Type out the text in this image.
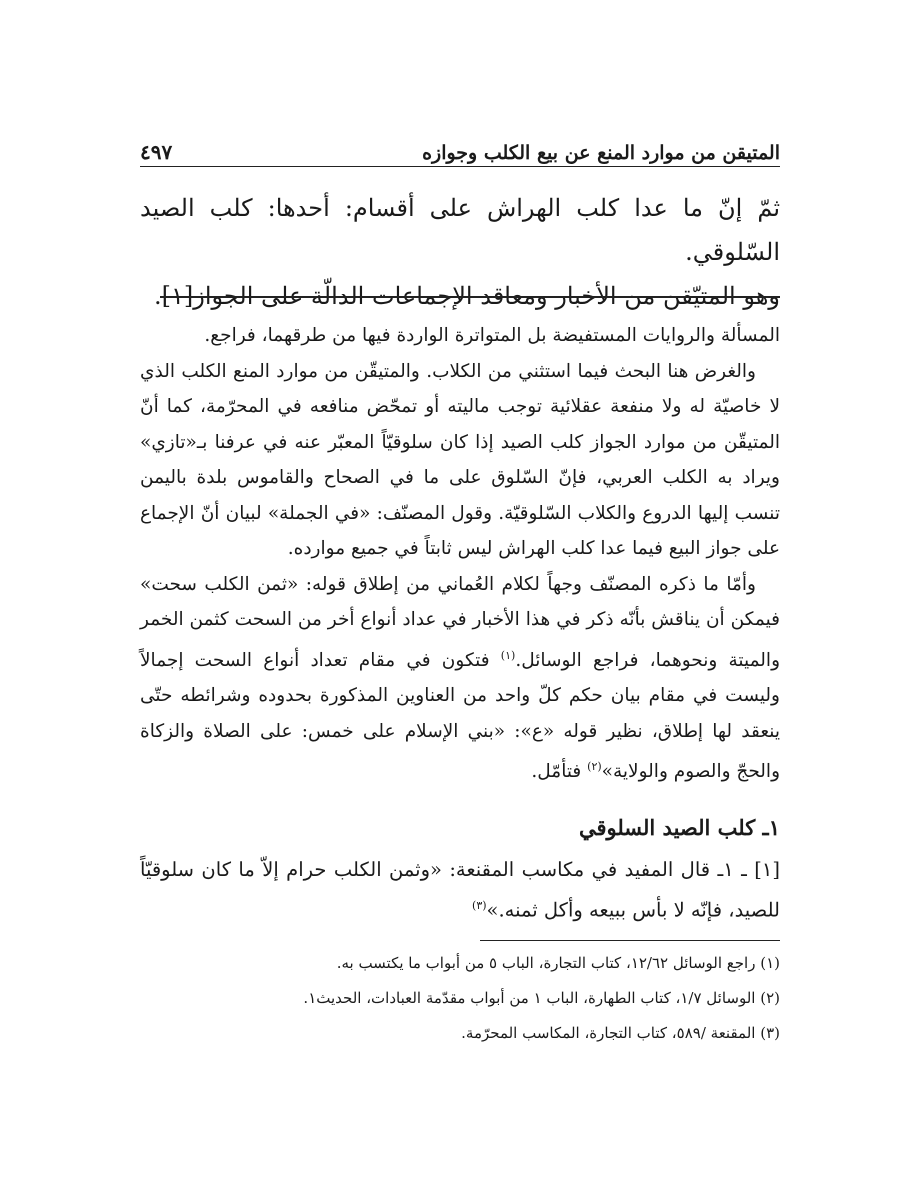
المتيقن من موارد المنع عن بيع الكلب وجوازه
٤٩٧

ثمّ إنّ ما عدا كلب الهراش على أقسام: أحدها: كلب الصيد السّلوقي.

وهو المتيّقن من الأخبار ومعاقد الإجماعات الدالّة على الجواز[١].

المسألة والروايات المستفيضة بل المتواترة الواردة فيها من طرقهما، فراجع.

والغرض هنا البحث فيما استثني من الكلاب. والمتيقّن من موارد المنع الكلب الذي لا خاصيّة له ولا منفعة عقلائية توجب ماليته أو تمحّض منافعه في المحرّمة، كما أنّ المتيقّن من موارد الجواز كلب الصيد إذا كان سلوقيّاً المعبّر عنه في عرفنا بـ«تازي» ويراد به الكلب العربي، فإنّ السّلوق على ما في الصحاح والقاموس بلدة باليمن تنسب إليها الدروع والكلاب السّلوقيّة. وقول المصنّف: «في الجملة» لبيان أنّ الإجماع على جواز البيع فيما عدا كلب الهراش ليس ثابتاً في جميع موارده.

وأمّا ما ذكره المصنّف وجهاً لكلام العُماني من إطلاق قوله: «ثمن الكلب سحت» فيمكن أن يناقش بأنّه ذكر في هذا الأخبار في عداد أنواع أخر من السحت كثمن الخمر والميتة ونحوهما، فراجع الوسائل.$^{(١)}$ فتكون في مقام تعداد أنواع السحت إجمالاً وليست في مقام بيان حكم كلّ واحد من العناوين المذكورة بحدوده وشرائطه حتّى ينعقد لها إطلاق، نظير قوله «ع»: «بني الإسلام على خمس: على الصلاة والزكاة والحجّ والصوم والولاية»$^{(٢)}$ فتأمّل.

١ـ كلب الصيد السلوقي

[١] ـ ١ـ قال المفيد في مكاسب المقنعة: «وثمن الكلب حرام إلاّ ما كان سلوقيّاً للصيد، فإنّه لا بأس ببيعه وأكل ثمنه.»$^{(٣)}$

(١) راجع الوسائل ١٢/٦٢، كتاب التجارة، الباب ٥ من أبواب ما يكتسب به.

(٢) الوسائل ١/٧، كتاب الطهارة، الباب ١ من أبواب مقدّمة العبادات، الحديث١.

(٣) المقنعة /٥٨٩، كتاب التجارة، المكاسب المحرّمة.
